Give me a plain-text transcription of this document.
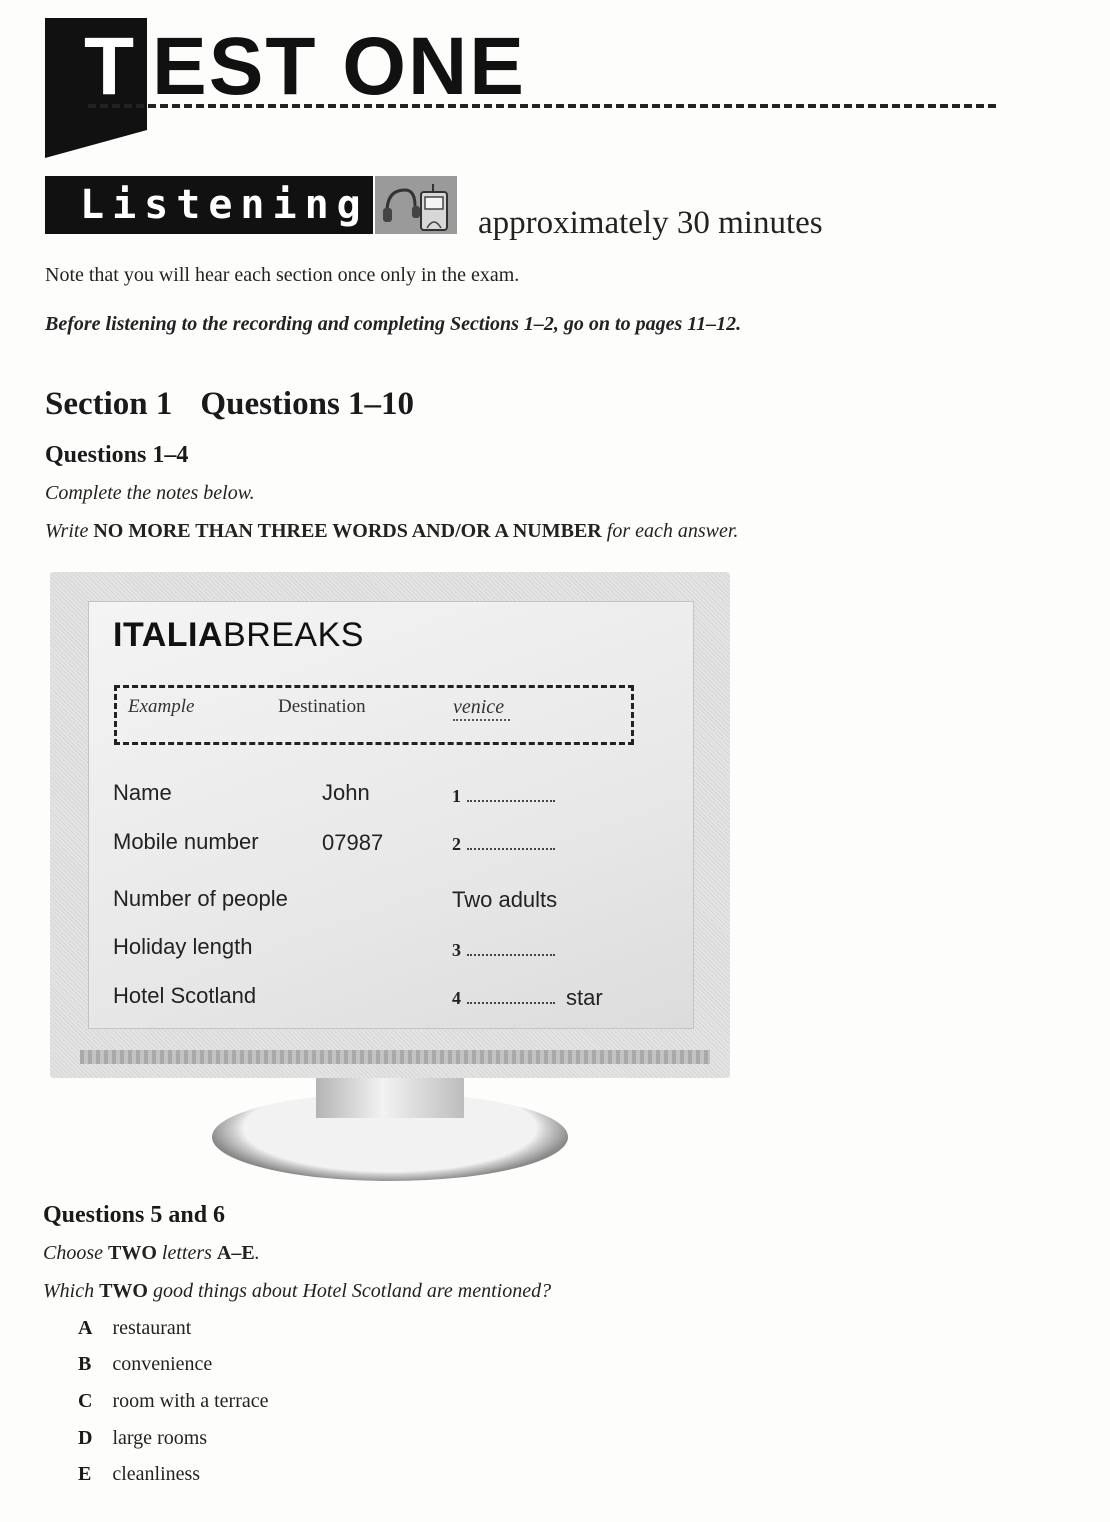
T EST ONE
Listening	approximately 30 minutes
Note that you will hear each section once only in the exam.
Before listening to the recording and completing Sections 1–2, go on to pages 11–12.
Section 1 Questions 1–10
Questions 1–4
Complete the notes below.
Write NO MORE THAN THREE WORDS AND/OR A NUMBER for each answer.
ITALIABREAKS
Example	Destination	venice
Name	John	1
Mobile number	07987	2
Number of people	Two adults
Holiday length	3
Hotel Scotland	4	star
Questions 5 and 6
Choose TWO letters A–E.
Which TWO good things about Hotel Scotland are mentioned?
A restaurant
B convenience
C room with a terrace
D large rooms
E cleanliness
